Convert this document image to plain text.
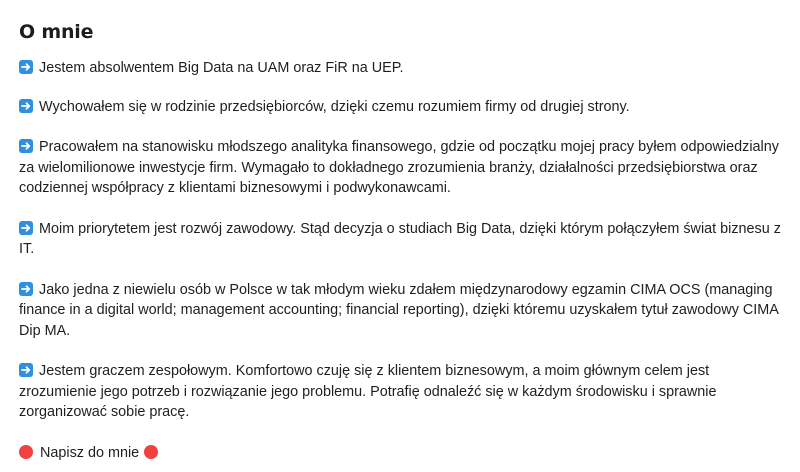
O mnie

Jestem absolwentem Big Data na UAM oraz FiR na UEP.

Wychowałem się w rodzinie przedsiębiorców, dzięki czemu rozumiem firmy od drugiej strony.

Pracowałem na stanowisku młodszego analityka finansowego, gdzie od początku mojej pracy byłem odpowiedzialny za wielomilionowe inwestycje firm. Wymagało to dokładnego zrozumienia branży, działalności przedsiębiorstwa oraz codziennej współpracy z klientami biznesowymi i podwykonawcami.

Moim priorytetem jest rozwój zawodowy. Stąd decyzja o studiach Big Data, dzięki którym połączyłem świat biznesu z IT.

Jako jedna z niewielu osób w Polsce w tak młodym wieku zdałem międzynarodowy egzamin CIMA OCS (managing finance in a digital world; management accounting; financial reporting), dzięki któremu uzyskałem tytuł zawodowy CIMA Dip MA.

Jestem graczem zespołowym. Komfortowo czuję się z klientem biznesowym, a moim głównym celem jest zrozumienie jego potrzeb i rozwiązanie jego problemu. Potrafię odnaleźć się w każdym środowisku i sprawnie zorganizować sobie pracę.

Napisz do mnie
